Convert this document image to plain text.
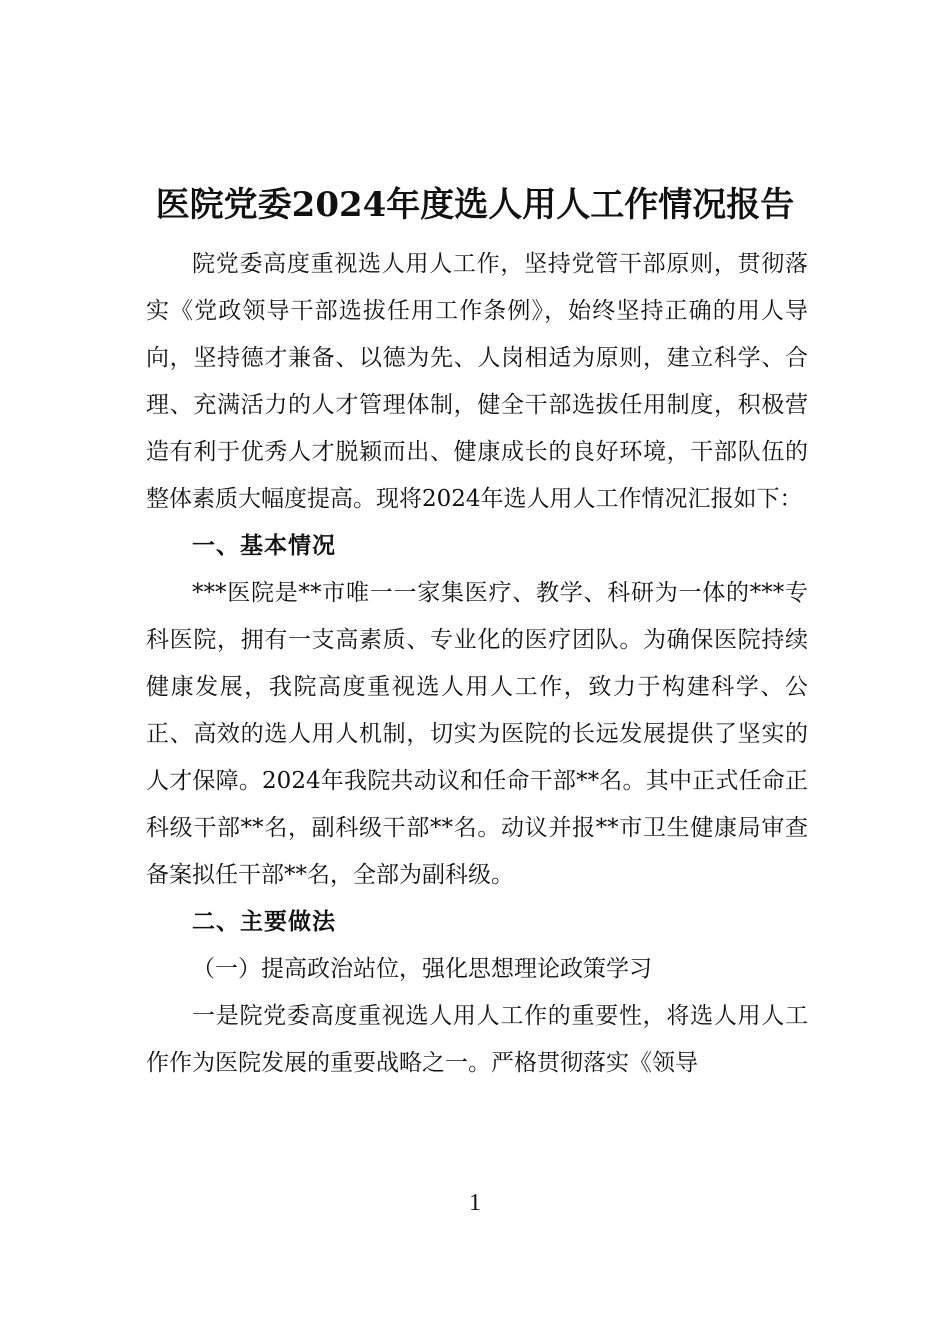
医院党委2024年度选人用人工作情况报告

院党委高度重视选人用人工作，坚持党管干部原则，贯彻落实《党政领导干部选拔任用工作条例》，始终坚持正确的用人导向，坚持德才兼备、以德为先、人岗相适为原则，建立科学、合理、充满活力的人才管理体制，健全干部选拔任用制度，积极营造有利于优秀人才脱颖而出、健康成长的良好环境，干部队伍的整体素质大幅度提高。现将2024年选人用人工作情况汇报如下：

一、基本情况

***医院是**市唯一一家集医疗、教学、科研为一体的***专科医院，拥有一支高素质、专业化的医疗团队。为确保医院持续健康发展，我院高度重视选人用人工作，致力于构建科学、公正、高效的选人用人机制，切实为医院的长远发展提供了坚实的人才保障。2024年我院共动议和任命干部**名。其中正式任命正科级干部**名，副科级干部**名。动议并报**市卫生健康局审查备案拟任干部**名，全部为副科级。

二、主要做法

（一）提高政治站位，强化思想理论政策学习

一是院党委高度重视选人用人工作的重要性，将选人用人工作作为医院发展的重要战略之一。严格贯彻落实《领导

1
